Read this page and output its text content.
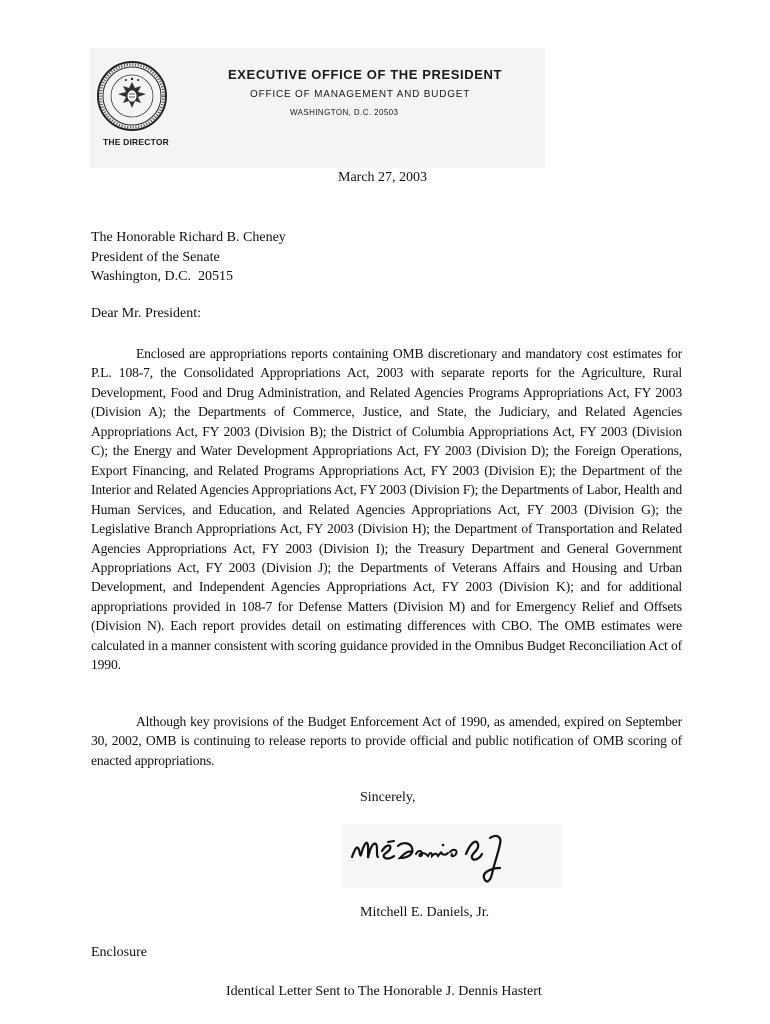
THE DIRECTOR
EXECUTIVE OFFICE OF THE PRESIDENT
OFFICE OF MANAGEMENT AND BUDGET
WASHINGTON, D.C. 20503
March 27, 2003
The Honorable Richard B. Cheney
President of the Senate
Washington, D.C.  20515
Dear Mr. President:

Enclosed are appropriations reports containing OMB discretionary and mandatory cost estimates for P.L. 108-7, the Consolidated Appropriations Act, 2003 with separate reports for the Agriculture, Rural Development, Food and Drug Administration, and Related Agencies Programs Appropriations Act, FY 2003 (Division A); the Departments of Commerce, Justice, and State, the Judiciary, and Related Agencies Appropriations Act, FY 2003 (Division B); the District of Columbia Appropriations Act, FY 2003 (Division C); the Energy and Water Development Appropriations Act, FY 2003 (Division D); the Foreign Operations, Export Financing, and Related Programs Appropriations Act, FY 2003 (Division E); the Department of the Interior and Related Agencies Appropriations Act, FY 2003 (Division F); the Departments of Labor, Health and Human Services, and Education, and Related Agencies Appropriations Act, FY 2003 (Division G); the Legislative Branch Appropriations Act, FY 2003 (Division H); the Department of Transportation and Related Agencies Appropriations Act, FY 2003 (Division I); the Treasury Department and General Government Appropriations Act, FY 2003 (Division J); the Departments of Veterans Affairs and Housing and Urban Development, and Independent Agencies Appropriations Act, FY 2003 (Division K); and for additional appropriations provided in 108-7 for Defense Matters (Division M) and for Emergency Relief and Offsets (Division N). Each report provides detail on estimating differences with CBO. The OMB estimates were calculated in a manner consistent with scoring guidance provided in the Omnibus Budget Reconciliation Act of 1990.

Although key provisions of the Budget Enforcement Act of 1990, as amended, expired on September 30, 2002, OMB is continuing to release reports to provide official and public notification of OMB scoring of enacted appropriations.

Sincerely,
Mitchell E. Daniels, Jr.
Enclosure
Identical Letter Sent to The Honorable J. Dennis Hastert
